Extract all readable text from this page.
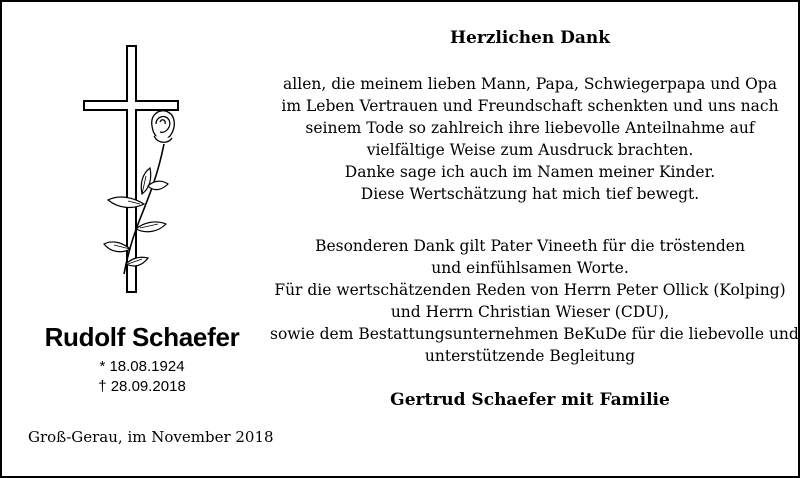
Rudolf Schaefer
* 18.08.1924
† 28.09.2018
Groß-Gerau, im November 2018
Herzlichen Dank
allen, die meinem lieben Mann, Papa, Schwiegerpapa und Opa
im Leben Vertrauen und Freundschaft schenkten und uns nach
seinem Tode so zahlreich ihre liebevolle Anteilnahme auf
vielfältige Weise zum Ausdruck brachten.
Danke sage ich auch im Namen meiner Kinder.
Diese Wertschätzung hat mich tief bewegt.
Besonderen Dank gilt Pater Vineeth für die tröstenden
und einfühlsamen Worte.
Für die wertschätzenden Reden von Herrn Peter Ollick (Kolping)
und Herrn Christian Wieser (CDU),
sowie dem Bestattungsunternehmen BeKuDe für die liebevolle und
unterstützende Begleitung
Gertrud Schaefer mit Familie
